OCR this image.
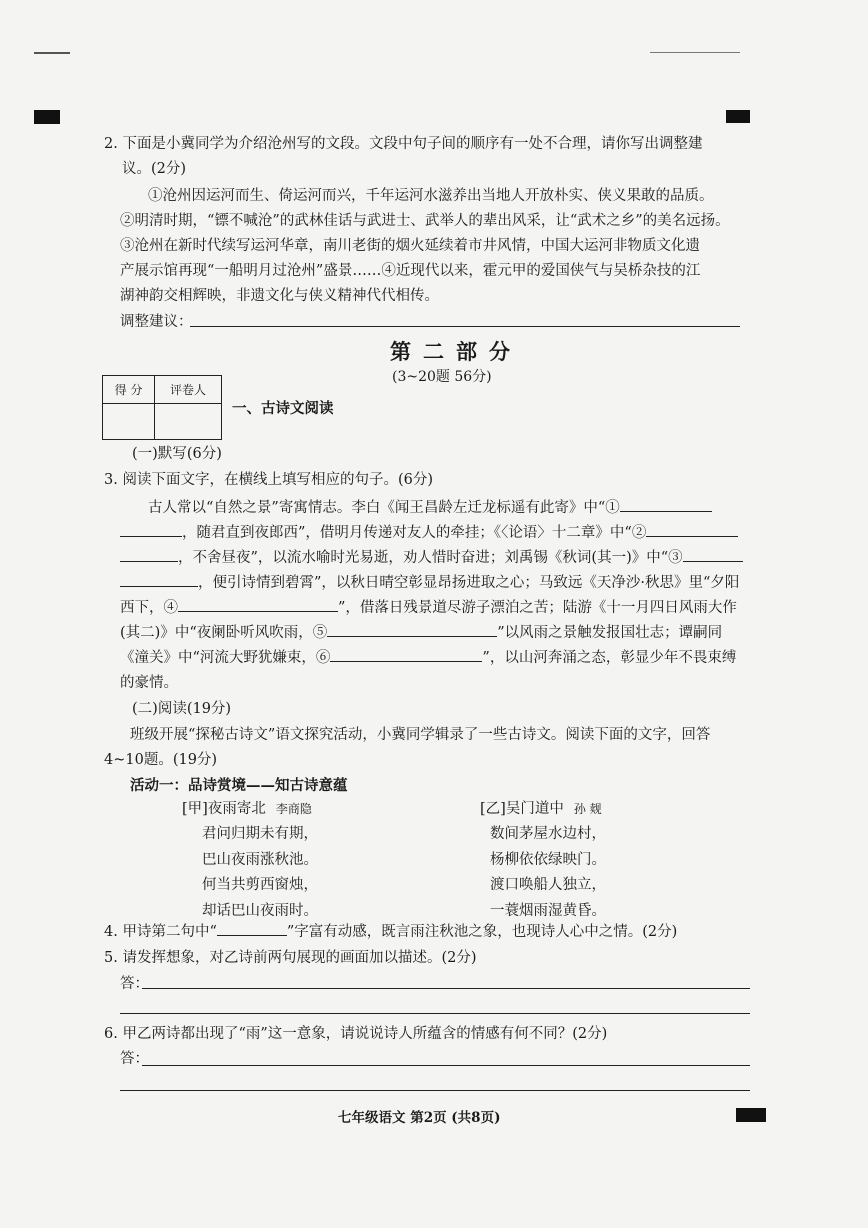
2. 下面是小冀同学为介绍沧州写的文段。文段中句子间的顺序有一处不合理，请你写出调整建
议。(2分)
①沧州因运河而生、倚运河而兴，千年运河水滋养出当地人开放朴实、侠义果敢的品质。
②明清时期，“镖不喊沧”的武林佳话与武进士、武举人的辈出风采，让“武术之乡”的美名远扬。
③沧州在新时代续写运河华章，南川老街的烟火延续着市井风情，中国大运河非物质文化遗
产展示馆再现“一船明月过沧州”盛景……④近现代以来，霍元甲的爱国侠气与吴桥杂技的江
湖神韵交相辉映，非遗文化与侠义精神代代相传。
调整建议：
第二部分
(3~20题 56分)
得 分	评卷人

一、古诗文阅读
(一)默写(6分)
3. 阅读下面文字，在横线上填写相应的句子。(6分)
古人常以“自然之景”寄寓情志。李白《闻王昌龄左迁龙标遥有此寄》中“①
，随君直到夜郎西”，借明月传递对友人的牵挂；《〈论语〉十二章》中“②
，不舍昼夜”，以流水喻时光易逝，劝人惜时奋进；刘禹锡《秋词(其一)》中“③
，便引诗情到碧霄”，以秋日晴空彰显昂扬进取之心；马致远《天净沙·秋思》里“夕阳
西下，④	”，借落日残景道尽游子漂泊之苦；陆游《十一月四日风雨大作
(其二)》中“夜阑卧听风吹雨，⑤	”以风雨之景触发报国壮志；谭嗣同
《潼关》中“河流大野犹嫌束，⑥	”，以山河奔涌之态，彰显少年不畏束缚
的豪情。
(二)阅读(19分)
班级开展“探秘古诗文”语文探究活动，小冀同学辑录了一些古诗文。阅读下面的文字，回答
4~10题。(19分)
活动一：品诗赏境——知古诗意蕴
[甲]夜雨寄北 李商隐
君问归期未有期，
巴山夜雨涨秋池。
何当共剪西窗烛，
却话巴山夜雨时。
[乙]吴门道中 孙 觌
数间茅屋水边村，
杨柳依依绿映门。
渡口唤船人独立，
一蓑烟雨湿黄昏。
4. 甲诗第二句中“	”字富有动感，既言雨注秋池之象，也现诗人心中之情。(2分)
5. 请发挥想象，对乙诗前两句展现的画面加以描述。(2分)
答：
6. 甲乙两诗都出现了“雨”这一意象，请说说诗人所蕴含的情感有何不同？(2分)
答：
七年级语文 第2页 (共8页)
